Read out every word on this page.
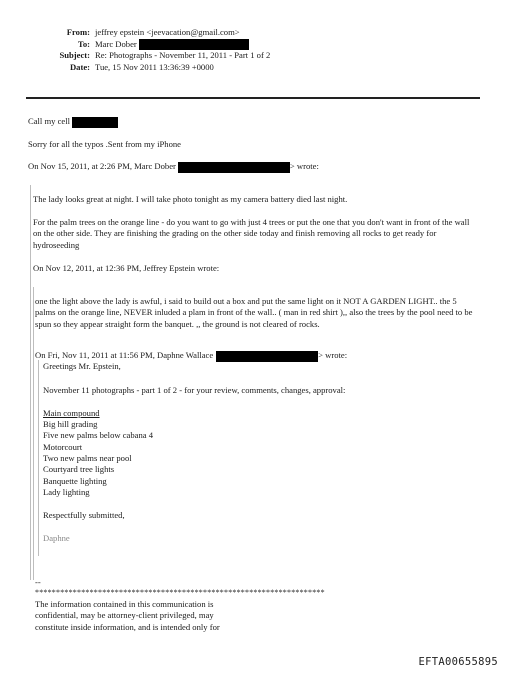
From: jeffrey epstein <jeevacation@gmail.com>
To: Marc Dober
Subject: Re: Photographs - November 11, 2011 - Part 1 of 2
Date: Tue, 15 Nov 2011 13:36:39 +0000
Call my cell
Sorry for all the typos .Sent from my iPhone
On Nov 15, 2011, at 2:26 PM, Marc Dober	> wrote:
The lady looks great at night. I will take photo tonight as my camera battery died last night.
For the palm trees on the orange line - do you want to go with just 4 trees or put the one that you don't want in front of the wall on the other side. They are finishing the grading on the other side today and finish removing all rocks to get ready for hydroseeding
On Nov 12, 2011, at 12:36 PM, Jeffrey Epstein wrote:
one the light above the lady is awful, i said to build out a box and put the same light on it NOT A GARDEN LIGHT.. the 5 palms on the orange line, NEVER inluded a plam in front of the wall.. ( man in red shirt ),, also the trees by the pool need to be spun so they appear straight form the banquet. ,, the ground is not cleared of rocks.
On Fri, Nov 11, 2011 at 11:56 PM, Daphne Wallace	> wrote:
Greetings Mr. Epstein,
November 11 photographs - part 1 of 2 - for your review, comments, changes, approval:
Main compound
Big hill grading
Five new palms below cabana 4
Motorcourt
Two new palms near pool
Courtyard tree lights
Banquette lighting
Lady lighting
Respectfully submitted,
Daphne
--
*********************************************************************
The information contained in this communication is
confidential, may be attorney-client privileged, may
constitute inside information, and is intended only for
EFTA00655895
